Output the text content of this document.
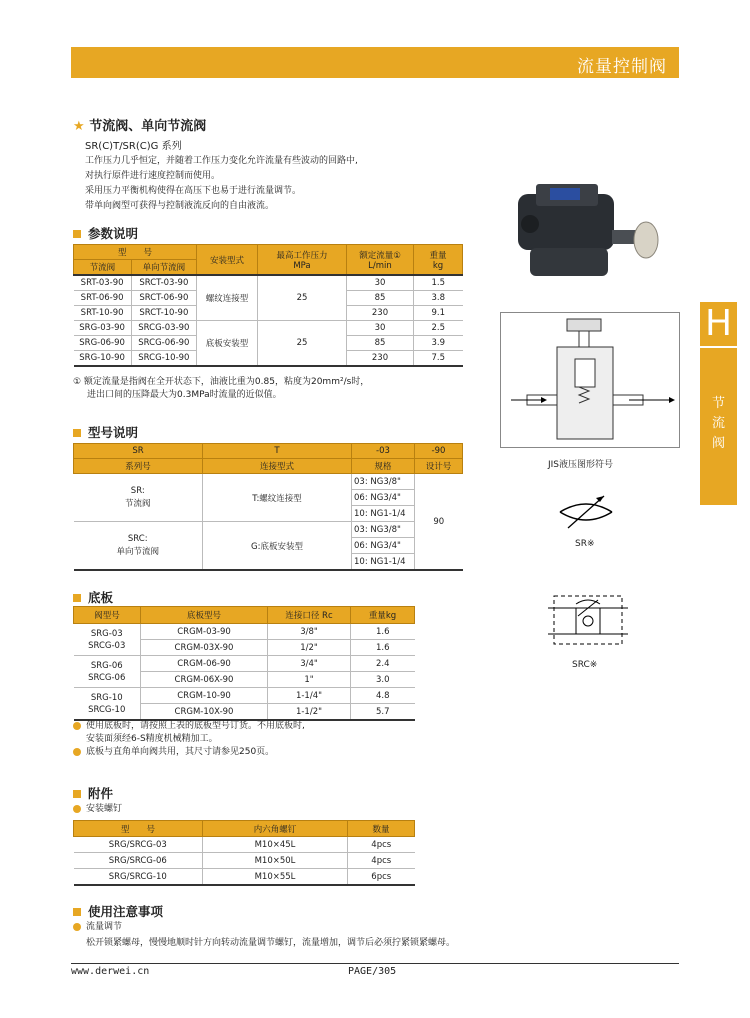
流量控制阀
H
节
流
阀
★ 节流阀、单向节流阀
SR(C)T/SR(C)G 系列
工作压力几乎恒定，并随着工作压力变化允许流量有些波动的回路中,
对执行原件进行速度控制而使用。
采用压力平衡机构使得在高压下也易于进行流量调节。
带单向阀型可获得与控制液流反向的自由液流。
参数说明
型　　号		安装型式	最高工作压力
MPa	额定流量①
L/min	重量
kg
节流阀	单向节流阀				
SRT-03-90	SRCT-03-90	螺纹连接型	25	30	1.5
SRT-06-90	SRCT-06-90			85	3.8
SRT-10-90	SRCT-10-90			230	9.1
SRG-03-90	SRCG-03-90	底板安装型	25	30	2.5
SRG-06-90	SRCG-06-90			85	3.9
SRG-10-90	SRCG-10-90			230	7.5
① 额定流量是指阀在全开状态下，油液比重为0.85，粘度为20mm²/s时，
进出口间的压降最大为0.3MPa时流量的近似值。
JIS液压图形符号
型号说明
SR	T	-03	-90
系列号	连接型式	规格	设计号
SR:
节流阀	T:螺纹连接型	03: NG3/8"	90
		06: NG3/4"	
		10: NG1-1/4	
SRC:
单向节流阀	G:底板安装型	03: NG3/8"	
		06: NG3/4"	
		10: NG1-1/4	
SR※
SRC※
底板
阀型号	底板型号	连接口径 Rc	重量kg
SRG-03
SRCG-03	CRGM-03-90	3/8"	1.6
	CRGM-03X-90	1/2"	1.6
SRG-06
SRCG-06	CRGM-06-90	3/4"	2.4
	CRGM-06X-90	1"	3.0
SRG-10
SRCG-10	CRGM-10-90	1-1/4"	4.8
	CRGM-10X-90	1-1/2"	5.7
使用底板时，请按照上表的底板型号订货。不用底板时,
安装面须经6-S精度机械精加工。
底板与直角单向阀共用，其尺寸请参见250页。
附件
安装螺钉
型　　号	内六角螺钉	数量
SRG/SRCG-03	M10×45L	4pcs
SRG/SRCG-06	M10×50L	4pcs
SRG/SRCG-10	M10×55L	6pcs
使用注意事项
流量调节
松开锁紧螺母，慢慢地顺时针方向转动流量调节螺钉，流量增加，调节后必须拧紧锁紧螺母。
www.derwei.cn	PAGE/305
